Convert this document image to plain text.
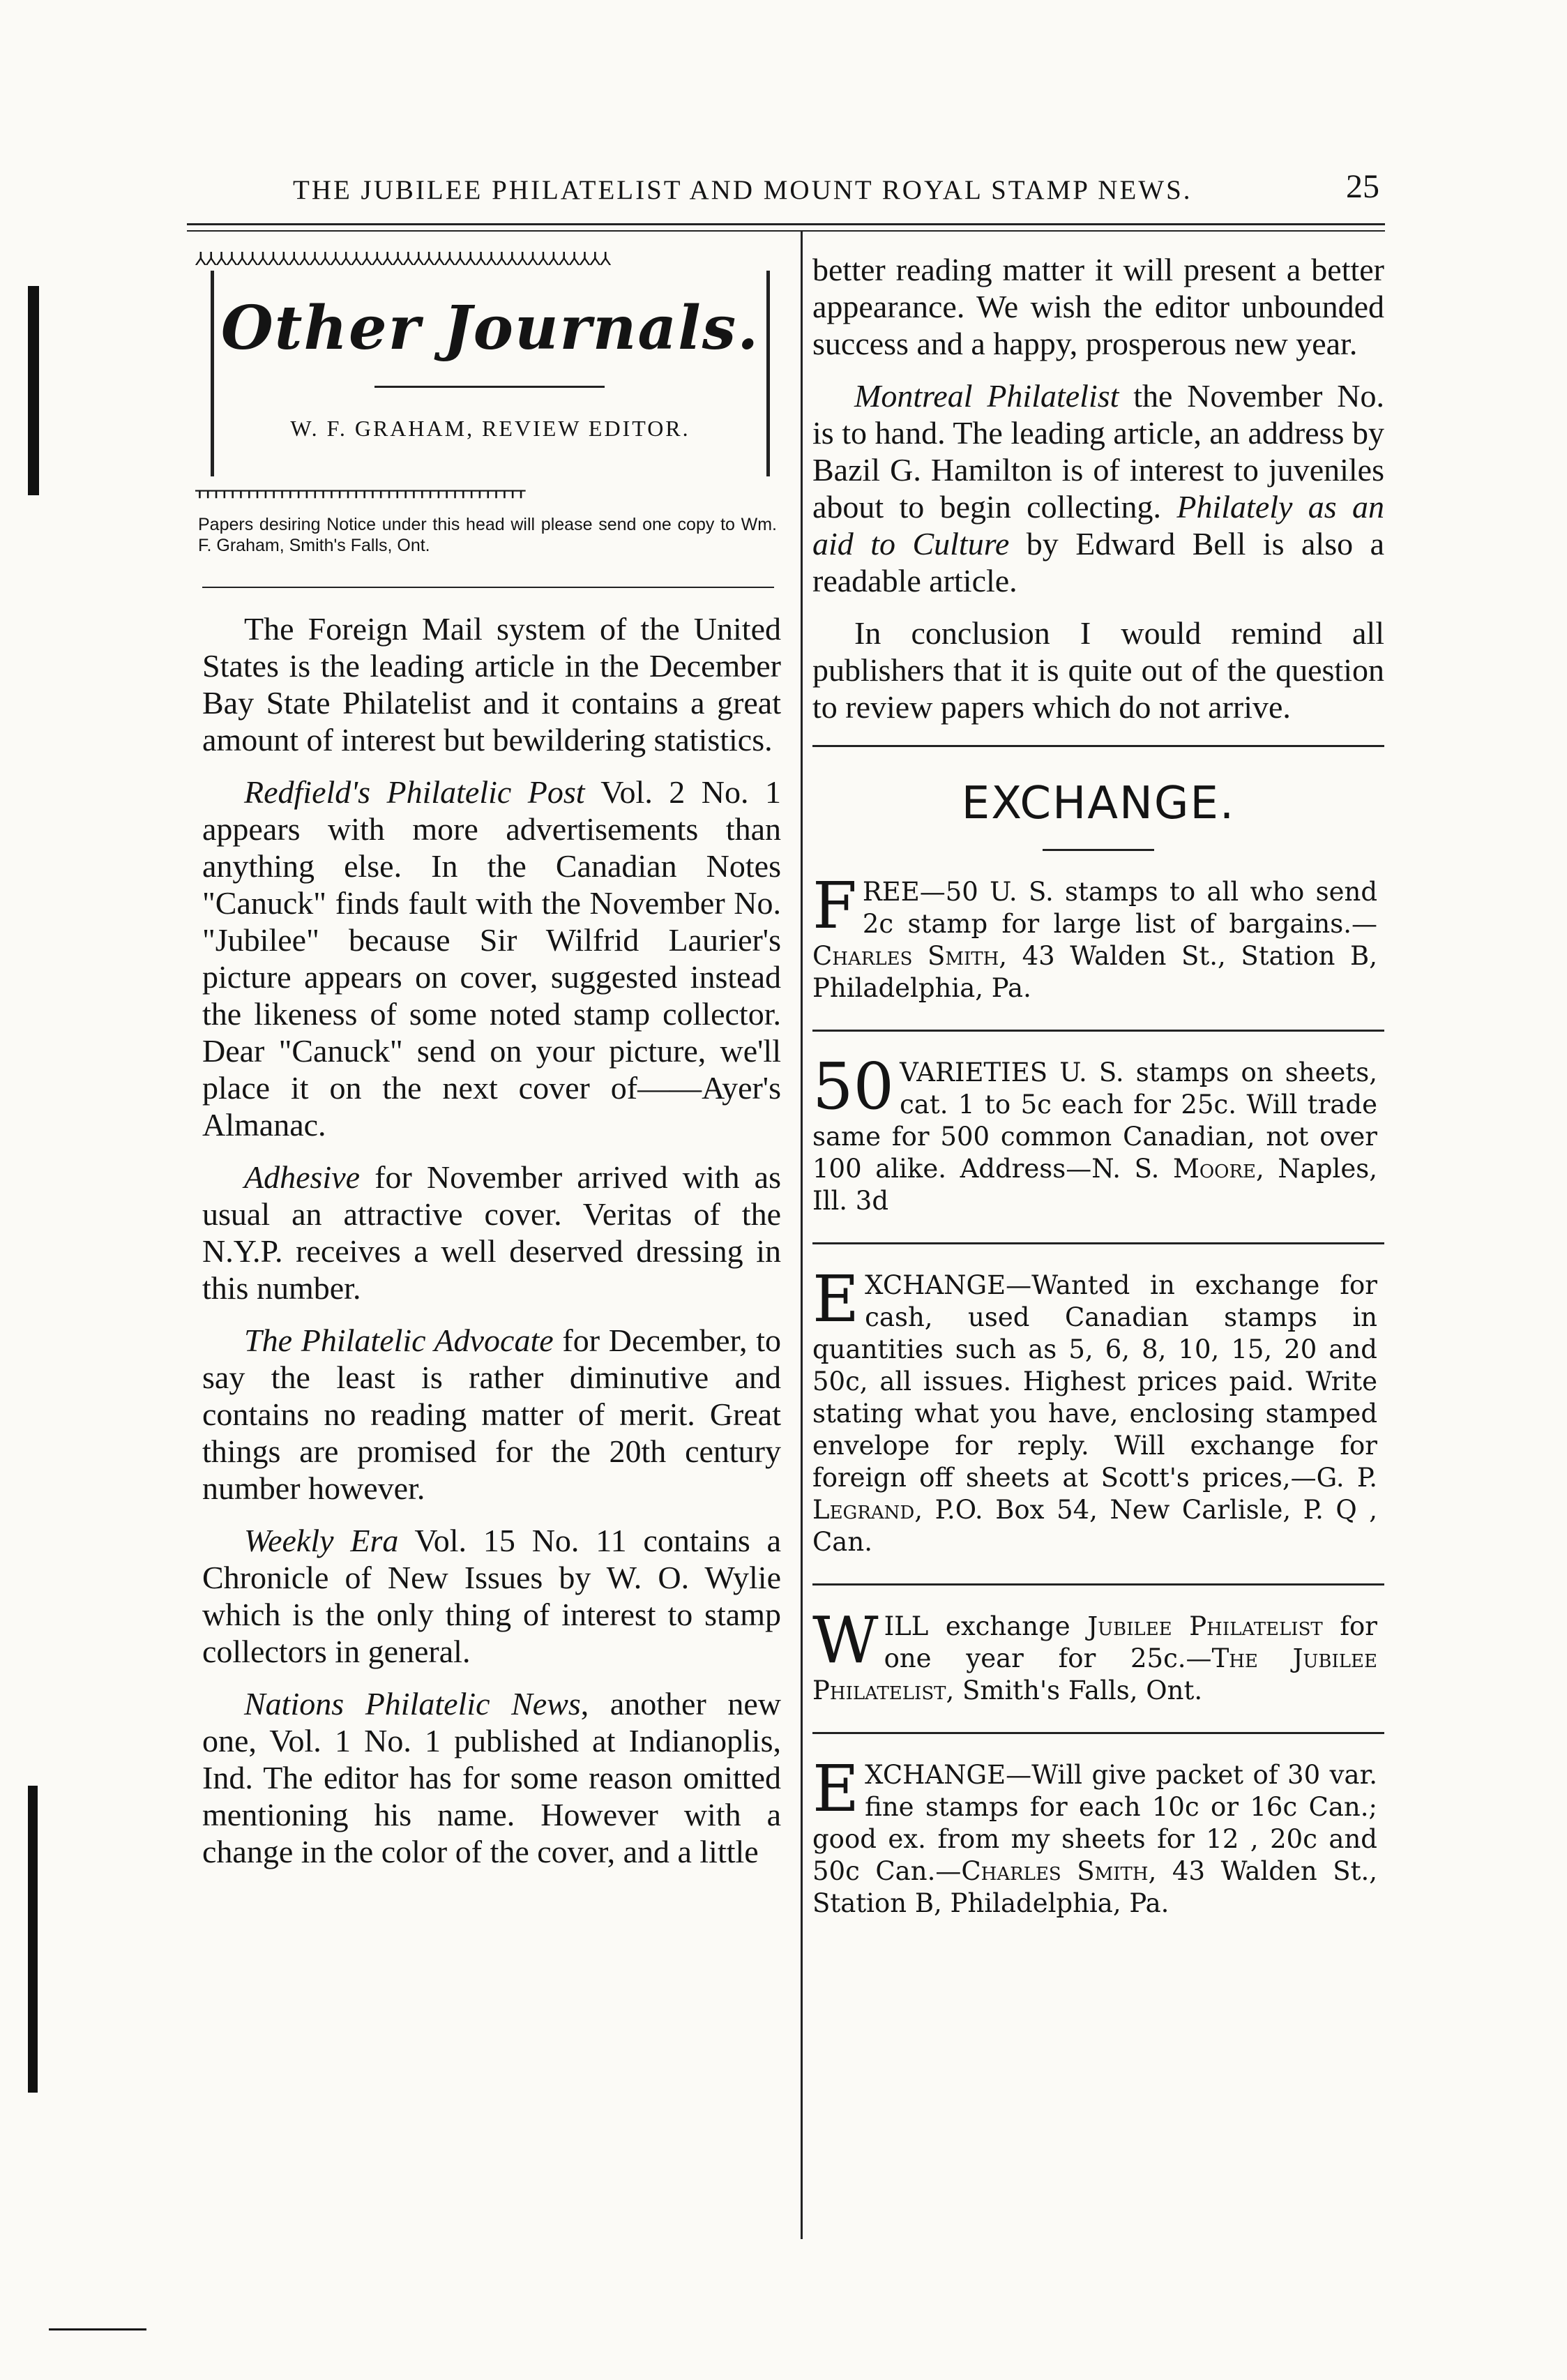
THE JUBILEE PHILATELIST AND MOUNT ROYAL STAMP NEWS.	25
⅄⅄⅄⅄⅄⅄⅄⅄⅄⅄⅄⅄⅄⅄⅄⅄⅄⅄⅄⅄⅄⅄⅄⅄⅄⅄⅄⅄⅄⅄⅄⅄⅄⅄⅄⅄⅄⅄⅄⅄
Other Journals.
W. F. GRAHAM, REVIEW EDITOR.
ᚁᚁᚁᚁᚁᚁᚁᚁᚁᚁᚁᚁᚁᚁᚁᚁᚁᚁᚁᚁᚁᚁᚁᚁᚁᚁᚁᚁᚁᚁᚁᚁᚁᚁᚁᚁᚁᚁᚁᚁ
Papers desiring Notice under this head will please send one copy to Wm. F. Graham, Smith's Falls, Ont.

The Foreign Mail system of the United States is the leading article in the December Bay State Philatelist and it contains a great amount of interest but bewildering statistics.

Redfield's Philatelic Post Vol. 2 No. 1 appears with more advertisements than anything else. In the Canadian Notes "Canuck" finds fault with the November No. "Jubilee" because Sir Wilfrid Laurier's picture appears on cover, suggested instead the likeness of some noted stamp collector. Dear "Canuck" send on your picture, we'll place it on the next cover of——Ayer's Almanac.

Adhesive for November arrived with as usual an attractive cover. Veritas of the N.Y.P. receives a well deserved dressing in this number.

The Philatelic Advocate for December, to say the least is rather diminutive and contains no reading matter of merit. Great things are promised for the 20th century number however.

Weekly Era Vol. 15 No. 11 contains a Chronicle of New Issues by W. O. Wylie which is the only thing of interest to stamp collectors in general.

Nations Philatelic News, another new one, Vol. 1 No. 1 published at Indianoplis, Ind. The editor has for some reason omitted mentioning his name. However with a change in the color of the cover, and a little

better reading matter it will present a better appearance. We wish the editor unbounded success and a happy, prosperous new year.

Montreal Philatelist the November No. is to hand. The leading article, an address by Bazil G. Hamilton is of interest to juveniles about to begin collecting. Philately as an aid to Culture by Edward Bell is also a readable article.

In conclusion I would remind all publishers that it is quite out of the question to review papers which do not arrive.

EXCHANGE.
FREE—50 U. S. stamps to all who send 2c stamp for large list of bargains.—Charles Smith, 43 Walden St., Station B, Philadelphia, Pa.
50 VARIETIES U. S. stamps on sheets, cat. 1 to 5c each for 25c. Will trade same for 500 common Canadian, not over 100 alike. Address—N. S. Moore, Naples, Ill. 3d
EXCHANGE—Wanted in exchange for cash, used Canadian stamps in quantities such as 5, 6, 8, 10, 15, 20 and 50c, all issues. Highest prices paid. Write stating what you have, enclosing stamped envelope for reply. Will exchange for foreign off sheets at Scott's prices,—G. P. Legrand, P.O. Box 54, New Carlisle, P. Q , Can.
WILL exchange Jubilee Philatelist for one year for 25c.—The Jubilee Philatelist, Smith's Falls, Ont.
EXCHANGE—Will give packet of 30 var. fine stamps for each 10c or 16c Can.; good ex. from my sheets for 12 , 20c and 50c Can.—Charles Smith, 43 Walden St., Station B, Philadelphia, Pa.
